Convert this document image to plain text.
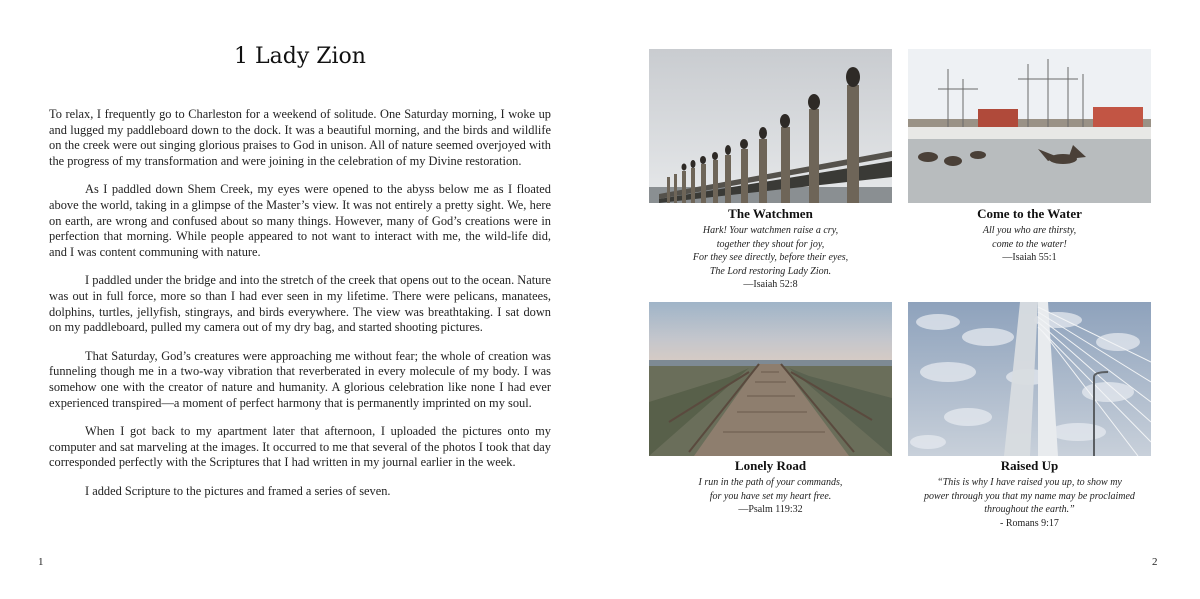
1 Lady Zion

To relax, I frequently go to Charleston for a weekend of solitude. One Saturday morning, I woke up and lugged my paddleboard down to the dock. It was a beautiful morning, and the birds and wildlife on the creek were out singing glorious praises to God in unison. All of nature seemed overjoyed with the progress of my transformation and were joining in the celebration of my Divine restoration.

As I paddled down Shem Creek, my eyes were opened to the abyss below me as I floated above the world, taking in a glimpse of the Master’s view. It was not entirely a pretty sight. We, here on earth, are wrong and confused about so many things. However, many of God’s creations were in perfection that morning. While people appeared to not want to interact with me, the wild-life did, and I was content communing with nature.

I paddled under the bridge and into the stretch of the creek that opens out to the ocean. Nature was out in full force, more so than I had ever seen in my lifetime. There were pelicans, manatees, dolphins, turtles, jellyfish, stingrays, and birds everywhere. The view was breathtaking. I sat down on my paddleboard, pulled my camera out of my dry bag, and started shooting pictures.

That Saturday, God’s creatures were approaching me without fear; the whole of creation was funneling though me in a two-way vibration that reverberated in every molecule of my body. I was somehow one with the creator of nature and humanity. A glorious celebration like none I had ever experienced transpired—a moment of perfect harmony that is permanently imprinted on my soul.

When I got back to my apartment later that afternoon, I uploaded the pictures onto my computer and sat marveling at the images. It occurred to me that several of the photos I took that day corresponded perfectly with the Scriptures that I had written in my journal earlier in the week.

I added Scripture to the pictures and framed a series of seven.

1
The Watchmen
Hark! Your watchmen raise a cry,
together they shout for joy,
For they see directly, before their eyes,
The Lord restoring Lady Zion.
—Isaiah 52:8
Come to the Water
All you who are thirsty,
come to the water!
—Isaiah 55:1
Lonely Road
I run in the path of your commands,
for you have set my heart free.
—Psalm 119:32
Raised Up
“This is why I have raised you up, to show my
power through you that my name may be proclaimed
throughout the earth.”
- Romans 9:17
2
